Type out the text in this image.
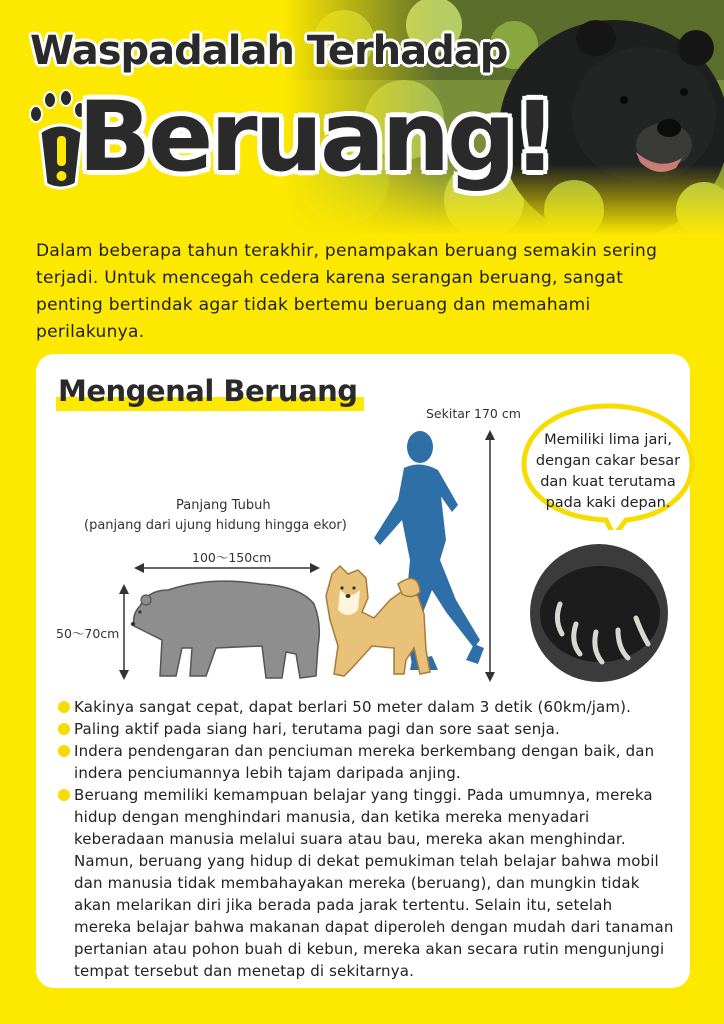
Waspadalah Terhadap
Beruang!
Dalam beberapa tahun terakhir, penampakan beruang semakin sering terjadi. Untuk mencegah cedera karena serangan beruang, sangat penting bertindak agar tidak bertemu beruang dan memahami perilakunya.
Mengenal Beruang
Sekitar 170 cm
Panjang Tubuh
(panjang dari ujung hidung hingga ekor)
100～150cm
50～70cm
Memiliki lima jari, dengan cakar besar dan kuat terutama pada kaki depan.
Kakinya sangat cepat, dapat berlari 50 meter dalam 3 detik (60km/jam).
Paling aktif pada siang hari, terutama pagi dan sore saat senja.
Indera pendengaran dan penciuman mereka berkembang dengan baik, dan indera penciumannya lebih tajam daripada anjing.
Beruang memiliki kemampuan belajar yang tinggi. Pada umumnya, mereka hidup dengan menghindari manusia, dan ketika mereka menyadari keberadaan manusia melalui suara atau bau, mereka akan menghindar. Namun, beruang yang hidup di dekat pemukiman telah belajar bahwa mobil dan manusia tidak membahayakan mereka (beruang), dan mungkin tidak akan melarikan diri jika berada pada jarak tertentu. Selain itu, setelah mereka belajar bahwa makanan dapat diperoleh dengan mudah dari tanaman pertanian atau pohon buah di kebun, mereka akan secara rutin mengunjungi tempat tersebut dan menetap di sekitarnya.
